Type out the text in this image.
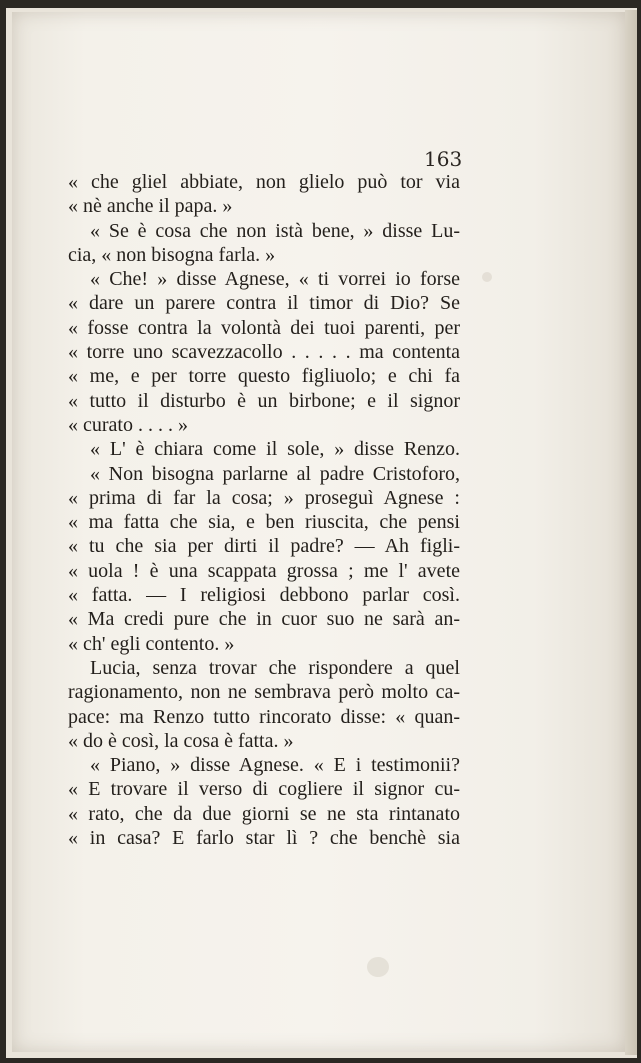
163
« che gliel abbiate, non glielo può tor via
« nè anche il papa. »
« Se è cosa che non istà bene, » disse Lu-
cia, « non bisogna farla. »
« Che! » disse Agnese, « ti vorrei io forse
« dare un parere contra il timor di Dio? Se
« fosse contra la volontà dei tuoi parenti, per
« torre uno scavezzacollo . . . . . ma contenta
« me, e per torre questo figliuolo; e chi fa
« tutto il disturbo è un birbone; e il signor
« curato . . . . »
« L' è chiara come il sole, » disse Renzo.
« Non bisogna parlarne al padre Cristoforo,
« prima di far la cosa; » proseguì Agnese :
« ma fatta che sia, e ben riuscita, che pensi
« tu che sia per dirti il padre? — Ah figli-
« uola ! è una scappata grossa ; me l' avete
« fatta. — I religiosi debbono parlar così.
« Ma credi pure che in cuor suo ne sarà an-
« ch' egli contento. »
Lucia, senza trovar che rispondere a quel
ragionamento, non ne sembrava però molto ca-
pace: ma Renzo tutto rincorato disse: « quan-
« do è così, la cosa è fatta. »
« Piano, » disse Agnese. « E i testimonii?
« E trovare il verso di cogliere il signor cu-
« rato, che da due giorni se ne sta rintanato
« in casa? E farlo star lì ? che benchè sia
